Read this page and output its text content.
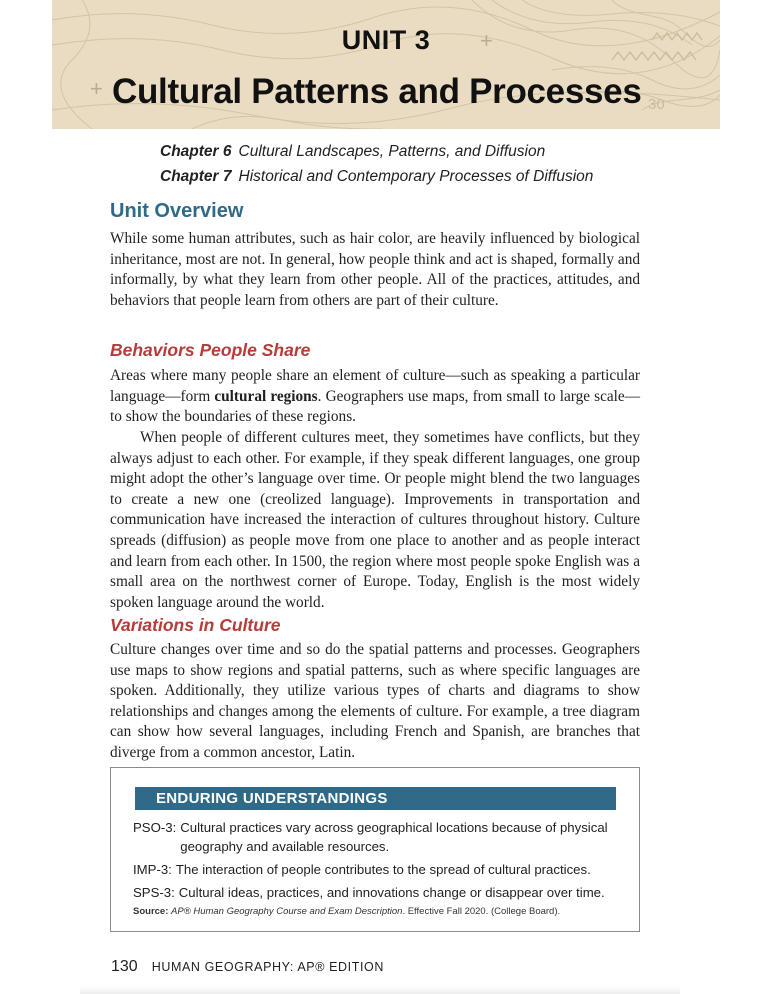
+
+
30
UNIT 3
Cultural Patterns and Processes
Chapter 6 Cultural Landscapes, Patterns, and Diffusion
Chapter 7 Historical and Contemporary Processes of Diffusion
Unit Overview

While some human attributes, such as hair color, are heavily influenced by biological inheritance, most are not. In general, how people think and act is shaped, formally and informally, by what they learn from other people. All of the practices, attitudes, and behaviors that people learn from others are part of their culture.

Behaviors People Share

Areas where many people share an element of culture—such as speaking a particular language—form cultural regions. Geographers use maps, from small to large scale—to show the boundaries of these regions.

When people of different cultures meet, they sometimes have conflicts, but they always adjust to each other. For example, if they speak different languages, one group might adopt the other’s language over time. Or people might blend the two languages to create a new one (creolized language). Improvements in transportation and communication have increased the interaction of cultures throughout history. Culture spreads (diffusion) as people move from one place to another and as people interact and learn from each other. In 1500, the region where most people spoke English was a small area on the northwest corner of Europe. Today, English is the most widely spoken language around the world.

Variations in Culture

Culture changes over time and so do the spatial patterns and processes. Geographers use maps to show regions and spatial patterns, such as where specific languages are spoken. Additionally, they utilize various types of charts and diagrams to show relationships and changes among the elements of culture. For example, a tree diagram can show how several languages, including French and Spanish, are branches that diverge from a common ancestor, Latin.

ENDURING UNDERSTANDINGS
PSO-3: Cultural practices vary across geographical locations because of physical geography and available resources.
IMP-3: The interaction of people contributes to the spread of cultural practices.
SPS-3: Cultural ideas, practices, and innovations change or disappear over time.
Source: AP® Human Geography Course and Exam Description. Effective Fall 2020. (College Board).
130 HUMAN GEOGRAPHY: AP® EDITION
